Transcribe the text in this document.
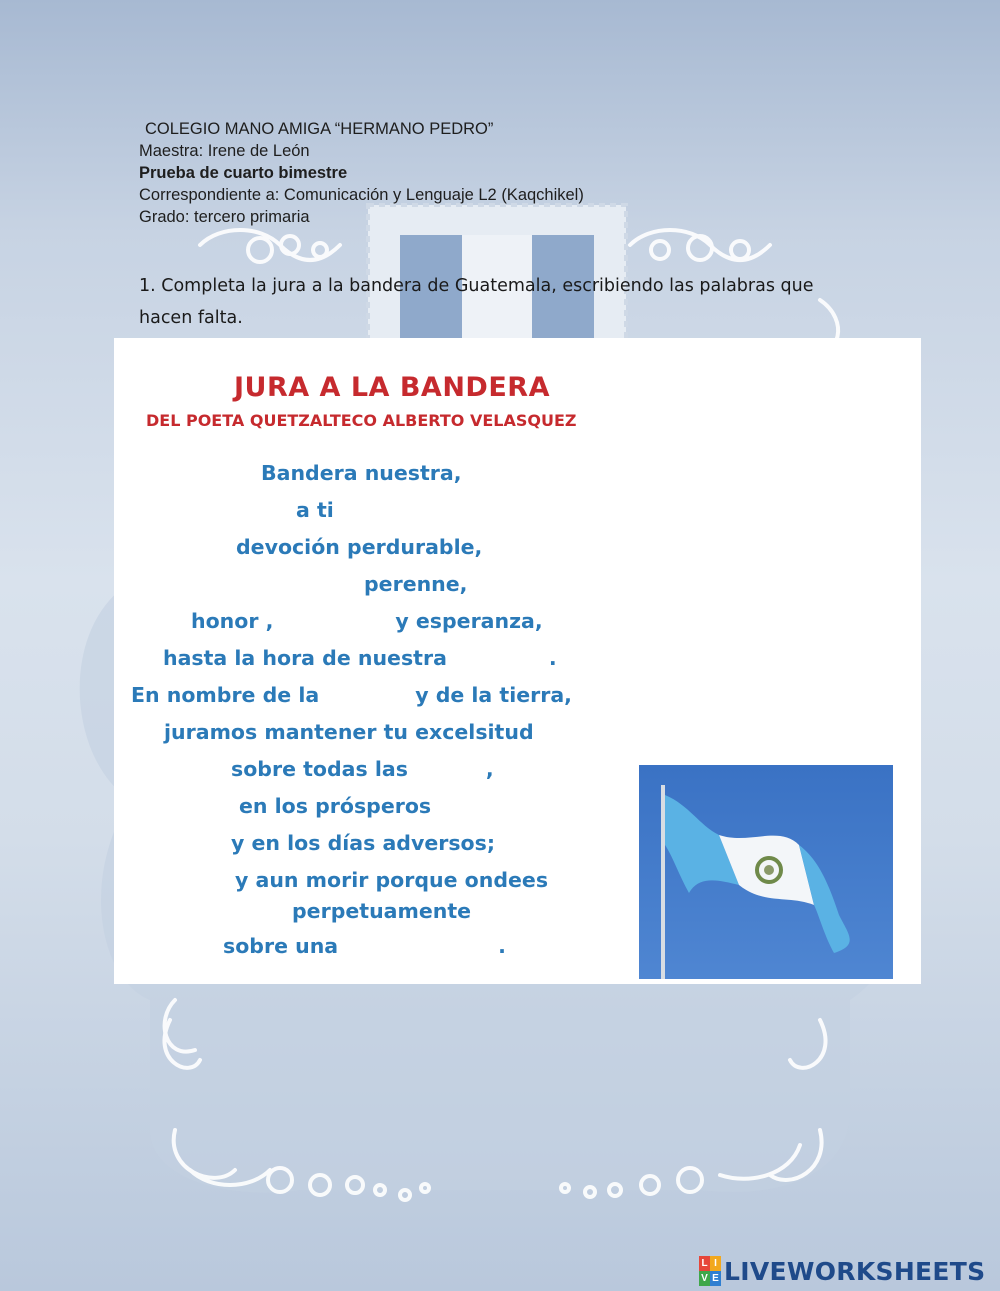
COLEGIO MANO AMIGA “HERMANO PEDRO”
Maestra: Irene de León
Prueba de cuarto bimestre
Correspondiente a: Comunicación y Lenguaje L2 (Kaqchikel)
Grado: tercero primaria
1. Completa la jura a la bandera de Guatemala, escribiendo las palabras que hacen falta.
JURA A LA BANDERA
DEL POETA QUETZALTECO ALBERTO VELASQUEZ
Bandera nuestra,
a ti
devoción perdurable,
perenne,
honor ,	y esperanza,
hasta la hora de nuestra	.
En nombre de la	y de la tierra,
juramos mantener tu excelsitud
sobre todas las	,
en los prósperos
y en los días adversos;
y aun morir porque ondees
perpetuamente
sobre una	.
L I
V E LIVEWORKSHEETS
